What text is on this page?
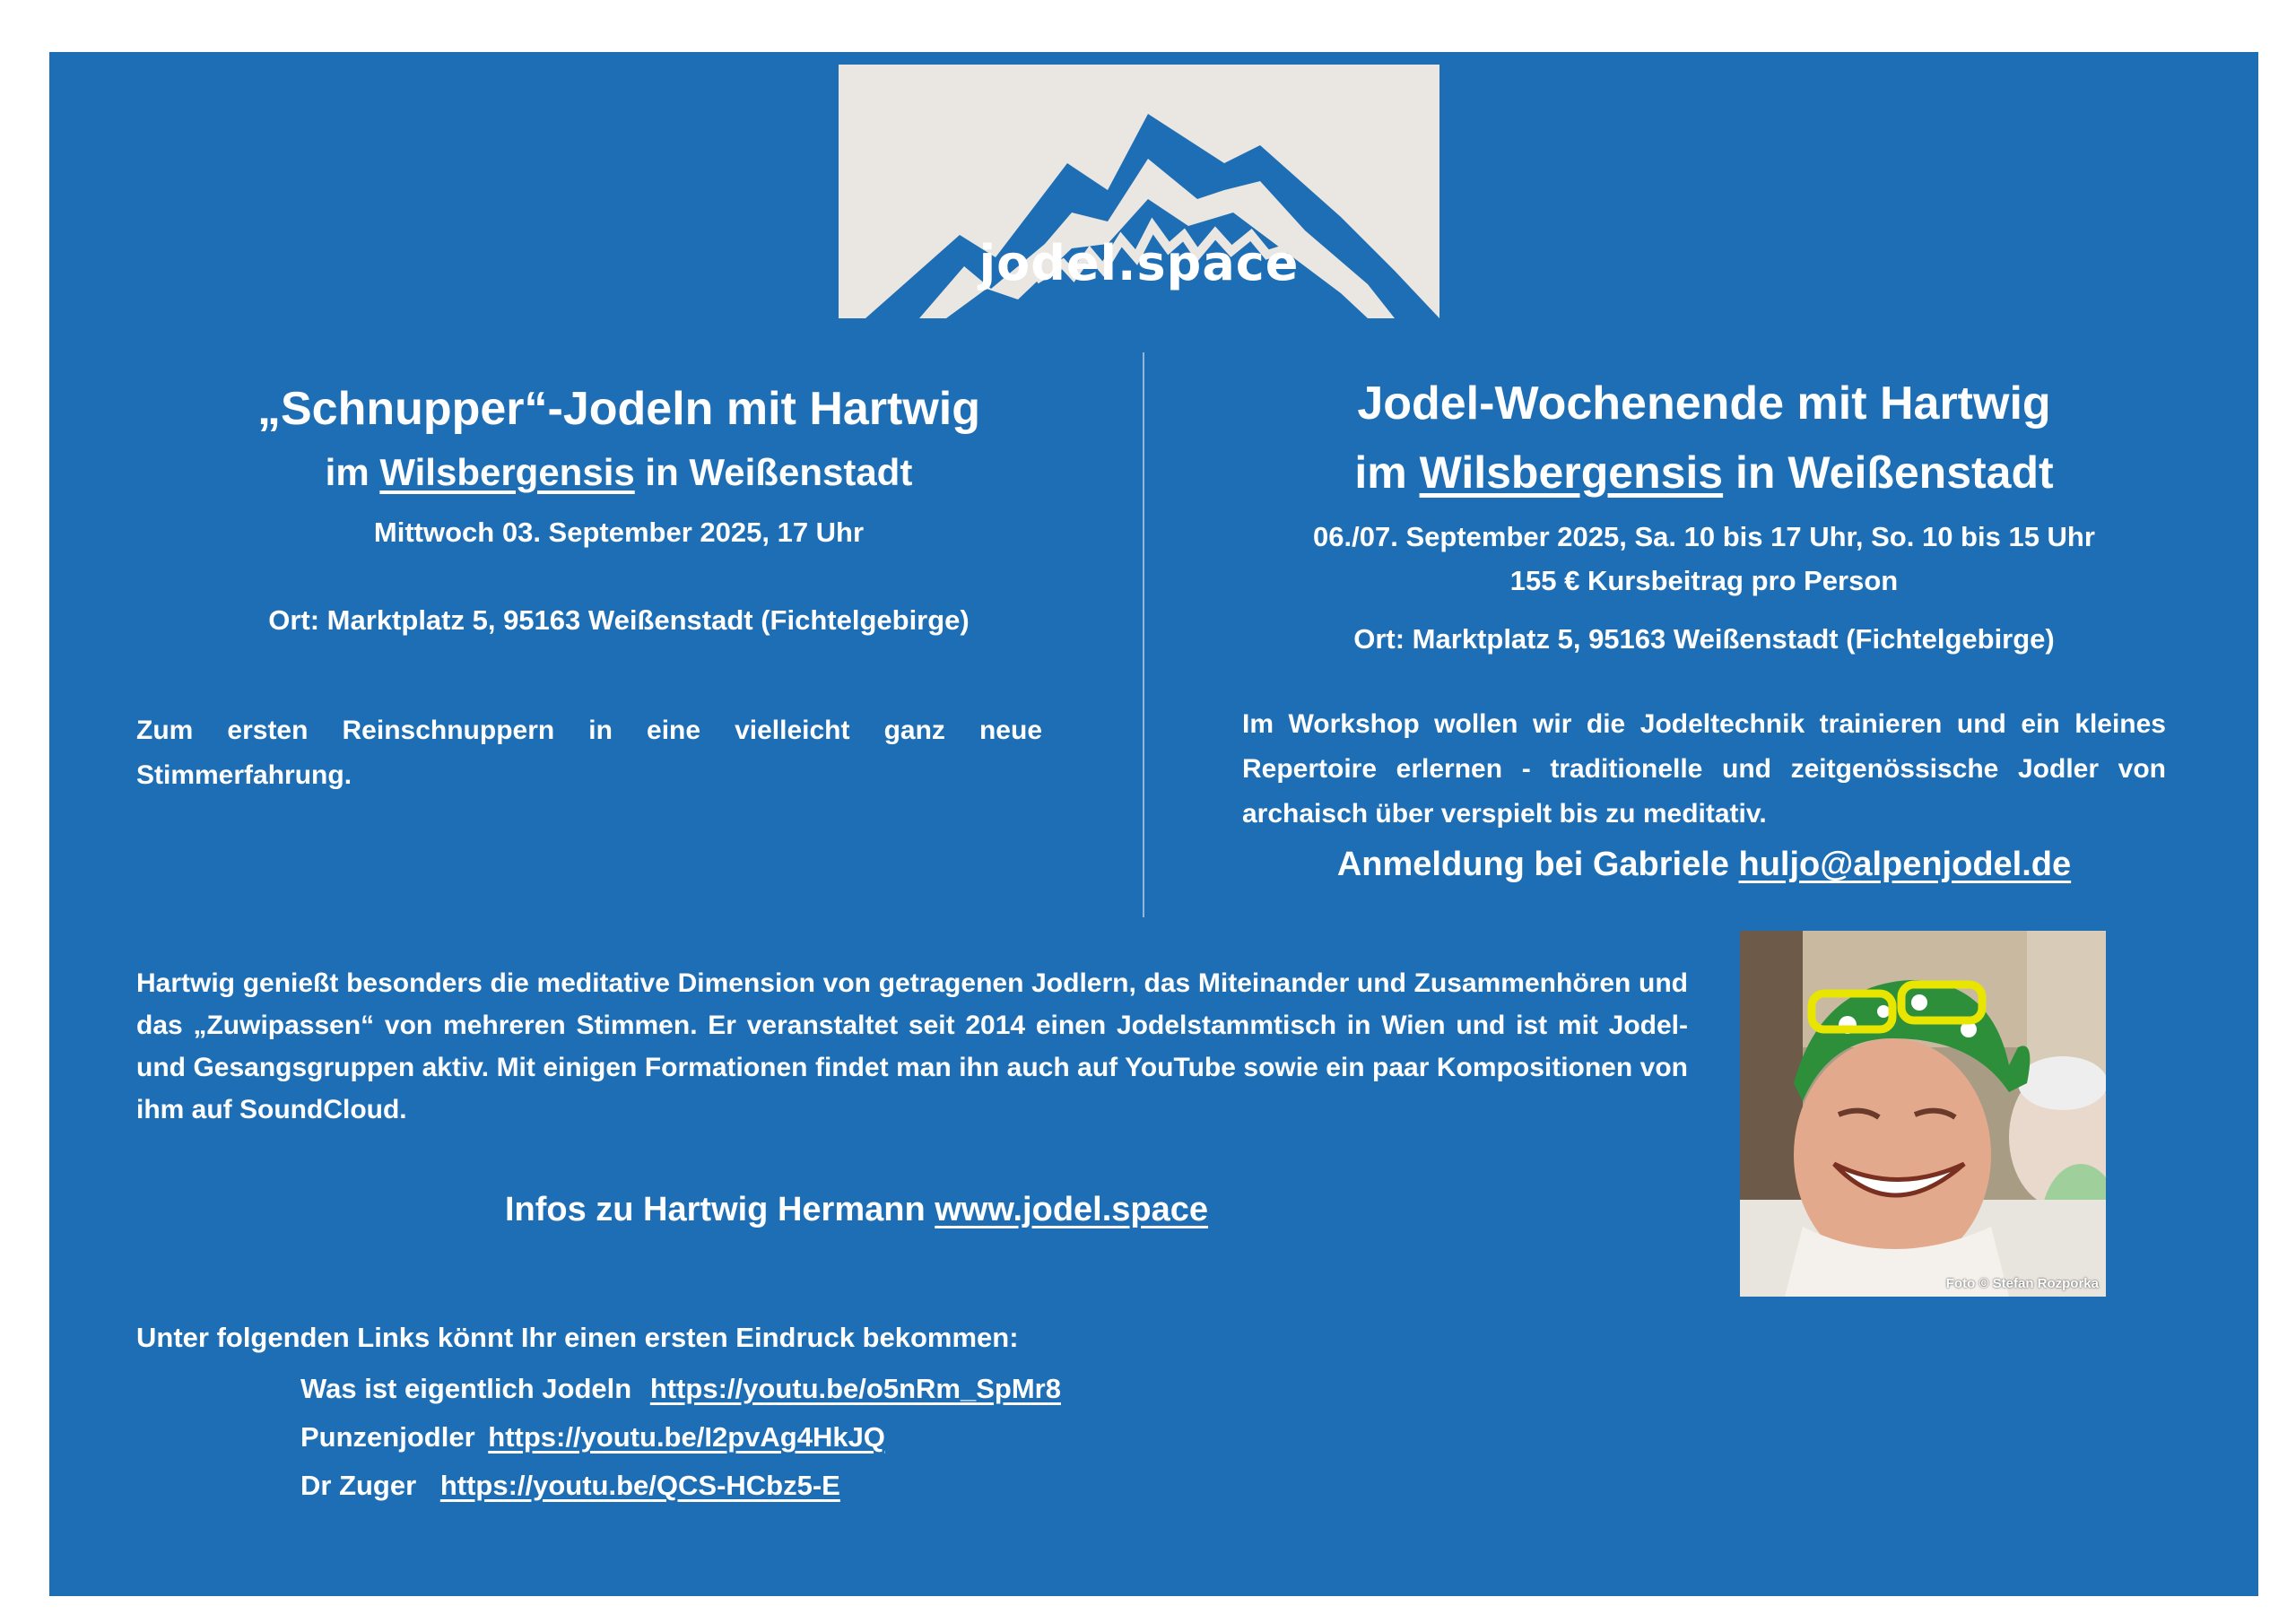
jodel.space
„Schnupper“-Jodeln mit Hartwig
im Wilsbergensis in Weißenstadt
Mittwoch 03. September 2025, 17 Uhr
Ort: Marktplatz 5, 95163 Weißenstadt (Fichtelgebirge)
Zum ersten Reinschnuppern in eine vielleicht ganz neue Stimmerfahrung.
Jodel-Wochenende mit Hartwig
im Wilsbergensis in Weißenstadt
06./07. September 2025, Sa. 10 bis 17 Uhr, So. 10 bis 15 Uhr
155 € Kursbeitrag pro Person
Ort: Marktplatz 5, 95163 Weißenstadt (Fichtelgebirge)
Im Workshop wollen wir die Jodeltechnik trainieren und ein kleines Repertoire erlernen - traditionelle und zeitgenössische Jodler von archaisch über verspielt bis zu meditativ.
Anmeldung bei Gabriele huljo@alpenjodel.de
Hartwig genießt besonders die meditative Dimension von getragenen Jodlern, das Miteinander und Zusammenhören und das „Zuwipassen“ von mehreren Stimmen. Er veranstaltet seit 2014 einen Jodelstammtisch in Wien und ist mit Jodel- und Gesangsgruppen aktiv. Mit einigen Formationen findet man ihn auch auf YouTube sowie ein paar Kompositionen von ihm auf SoundCloud.
Foto © Stefan Rozporka
Infos zu Hartwig Hermann www.jodel.space
Unter folgenden Links könnt Ihr einen ersten Eindruck bekommen:
Was ist eigentlich Jodeln https://youtu.be/o5nRm_SpMr8
Punzenjodler https://youtu.be/I2pvAg4HkJQ
Dr Zuger https://youtu.be/QCS-HCbz5-E
